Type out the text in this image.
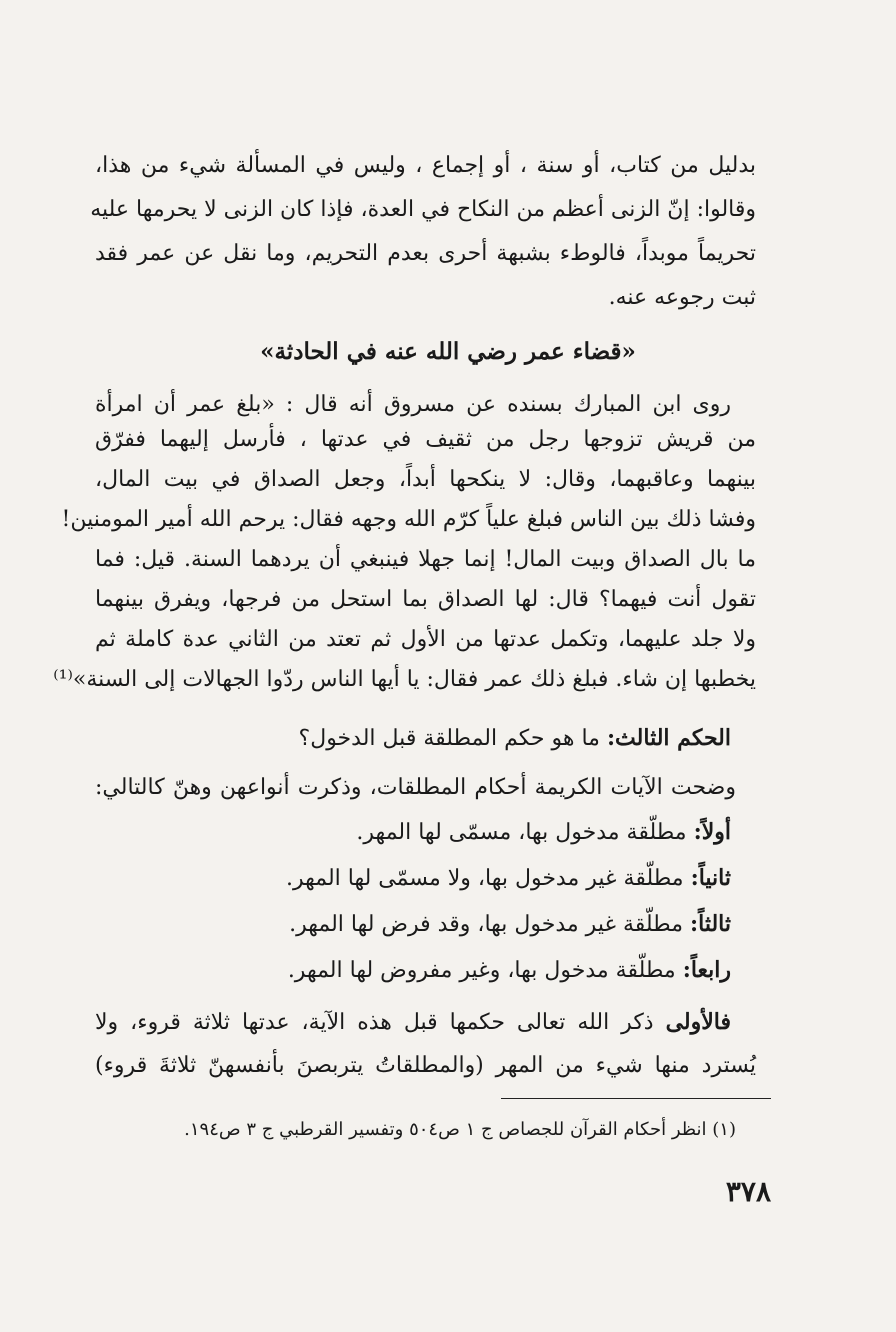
بدليل من كتاب، أو سنة ، أو إجماع ، وليس في المسألة شيء من هذا،
وقالوا: إنّ الزنى أعظم من النكاح في العدة، فإذا كان الزنى لا يحرمها عليه
تحريماً موبداً، فالوطء بشبهة أحرى بعدم التحريم، وما نقل عن عمر فقد
ثبت رجوعه عنه.
«قضاء عمر رضي الله عنه في الحادثة»
روى ابن المبارك بسنده عن مسروق أنه قال : «بلغ عمر أن امرأة
من قريش تزوجها رجل من ثقيف في عدتها ، فأرسل إليهما ففرّق
بينهما وعاقبهما، وقال: لا ينكحها أبداً، وجعل الصداق في بيت المال،
وفشا ذلك بين الناس فبلغ علياً كرّم الله وجهه فقال: يرحم الله أمير المومنين!
ما بال الصداق وبيت المال! إنما جهلا فينبغي أن يردهما السنة. قيل: فما
تقول أنت فيهما؟ قال: لها الصداق بما استحل من فرجها، ويفرق بينهما
ولا جلد عليهما، وتكمل عدتها من الأول ثم تعتد من الثاني عدة كاملة ثم
يخطبها إن شاء. فبلغ ذلك عمر فقال: يا أيها الناس ردّوا الجهالات إلى السنة»⁽¹⁾
الحكم الثالث: ما هو حكم المطلقة قبل الدخول؟
وضحت الآيات الكريمة أحكام المطلقات، وذكرت أنواعهن وهنّ كالتالي:
أولاً: مطلّقة مدخول بها، مسمّى لها المهر.
ثانياً: مطلّقة غير مدخول بها، ولا مسمّى لها المهر.
ثالثاً: مطلّقة غير مدخول بها، وقد فرض لها المهر.
رابعاً: مطلّقة مدخول بها، وغير مفروض لها المهر.
فالأولى ذكر الله تعالى حكمها قبل هذه الآية، عدتها ثلاثة قروء، ولا
يُسترد منها شيء من المهر (والمطلقاتُ يتربصنَ بأنفسهنّ ثلاثةَ قروء)
(١) انظر أحكام القرآن للجصاص ج ١ ص٥٠٤ وتفسير القرطبي ج ٣ ص١٩٤.
٣٧٨
